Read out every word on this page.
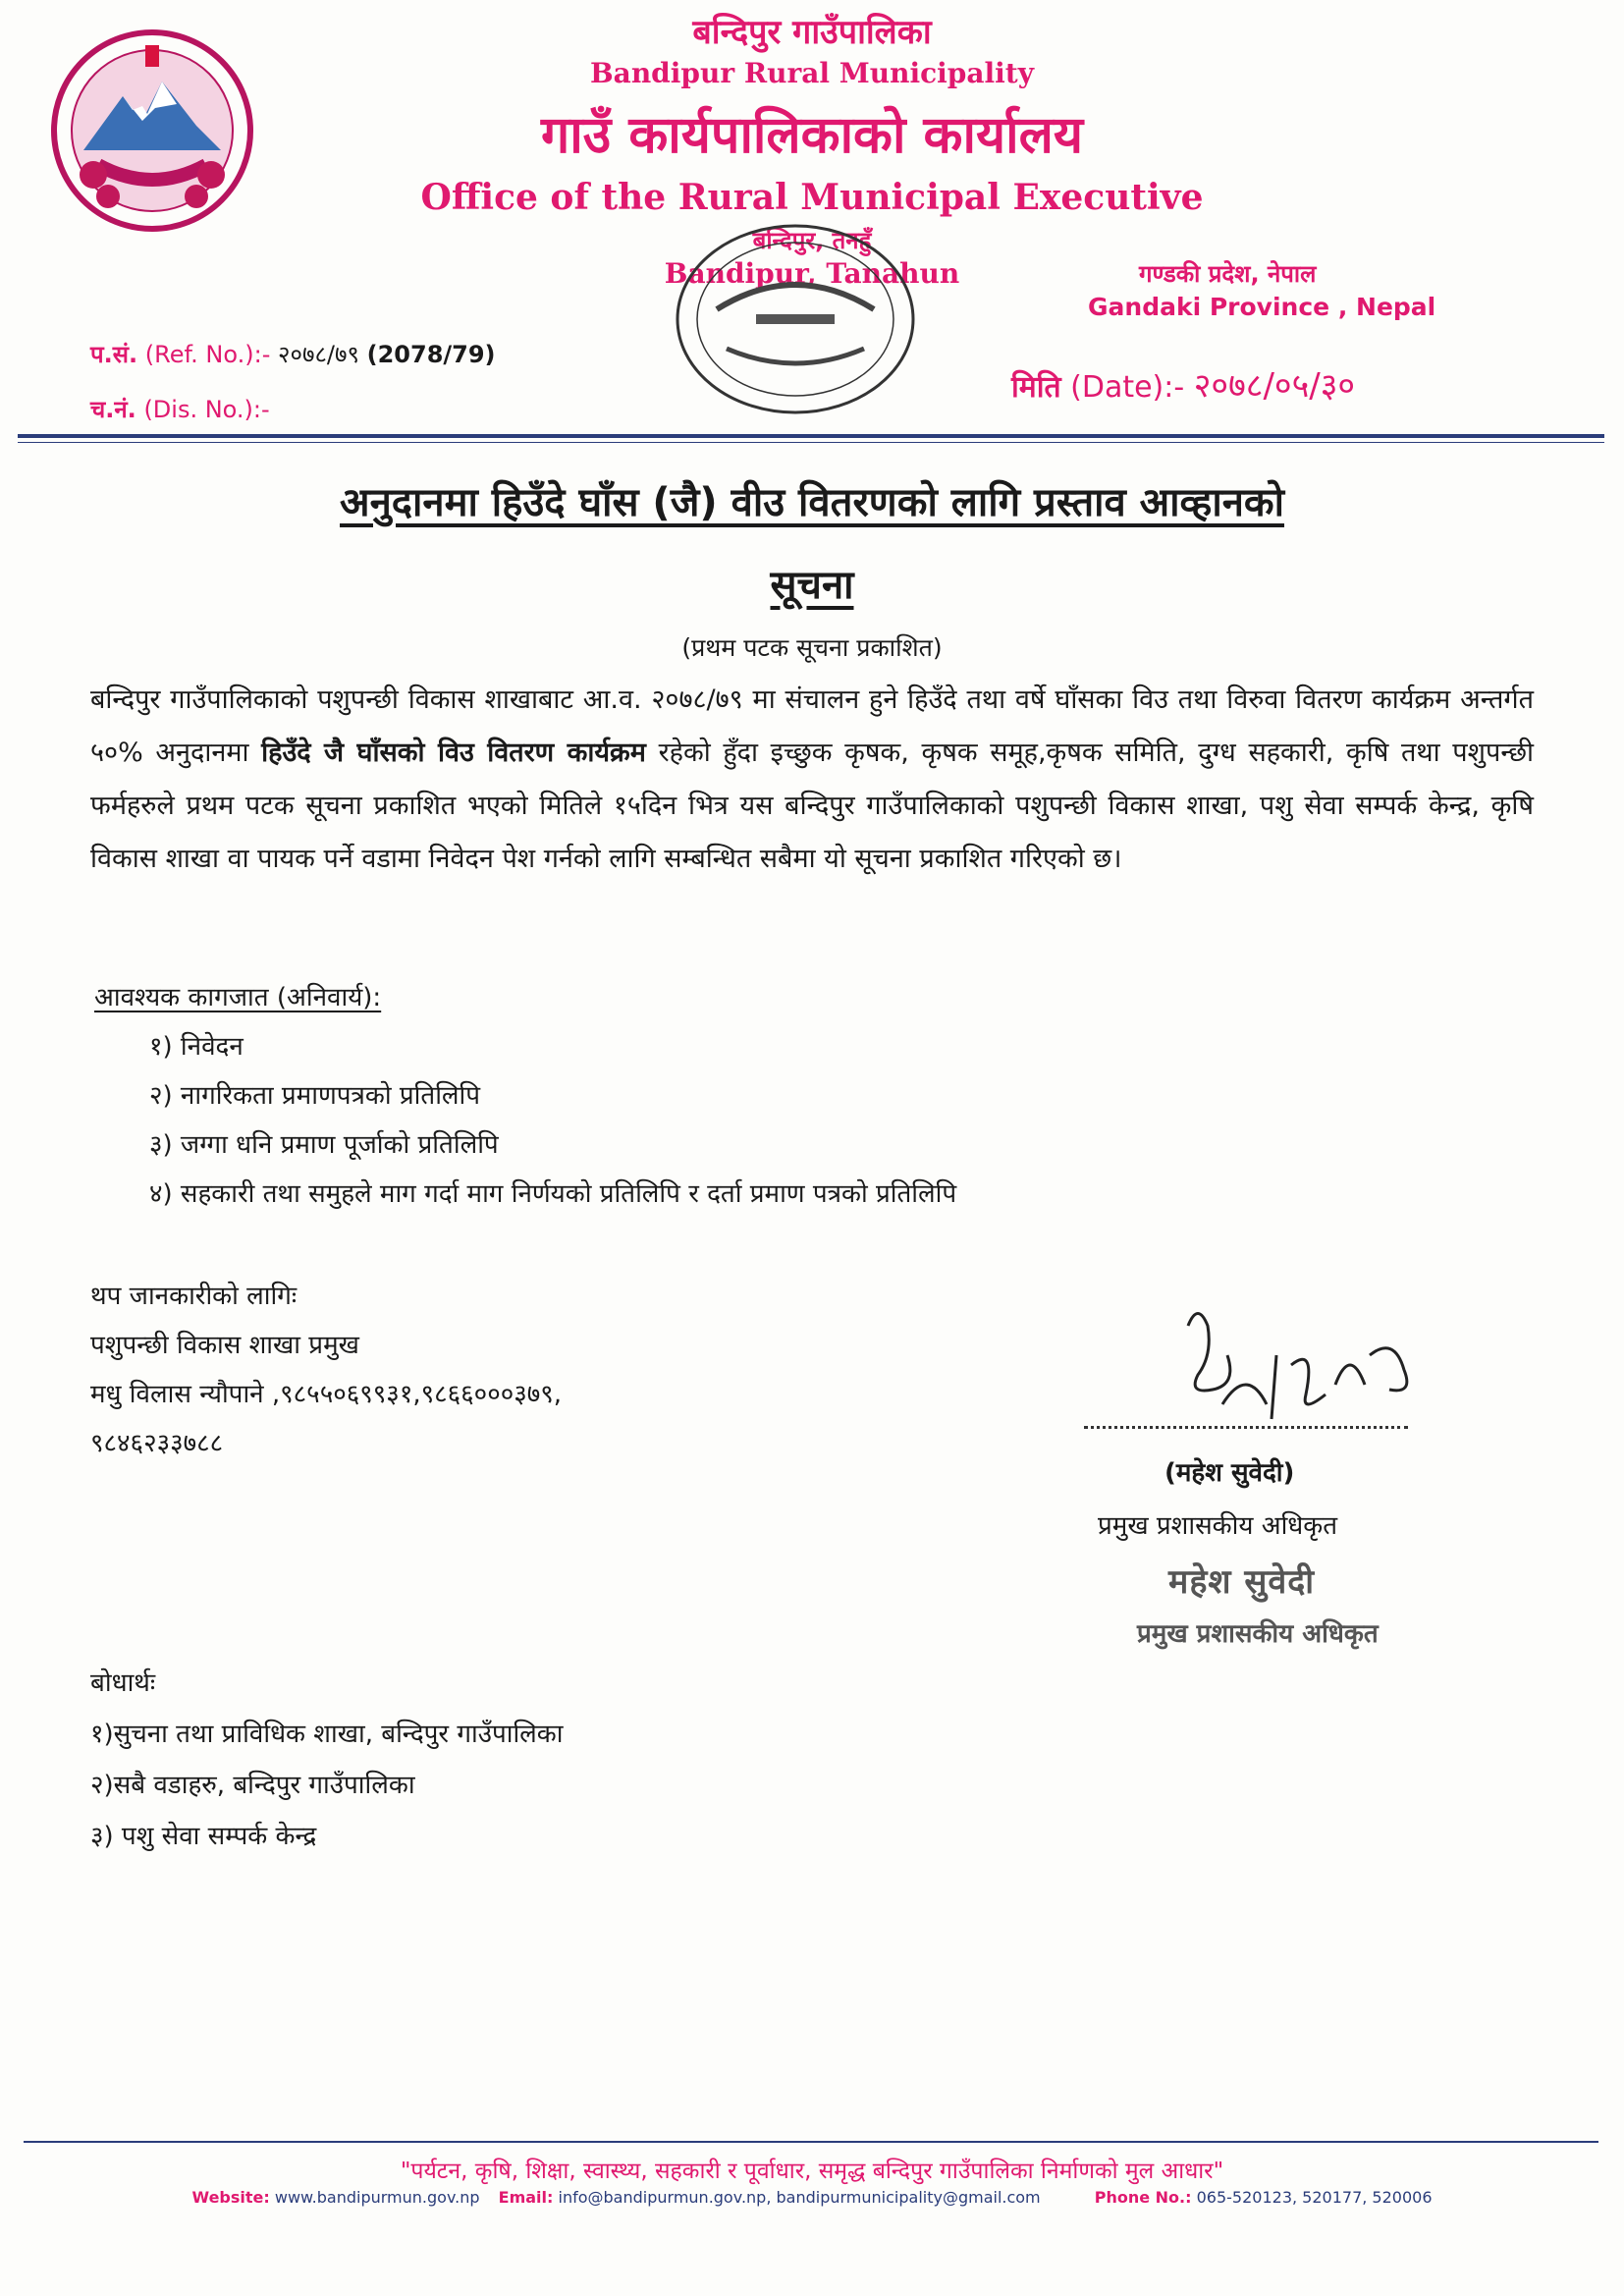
बन्दिपुर गाउँपालिका
Bandipur Rural Municipality
गाउँ कार्यपालिकाको कार्यालय
Office of the Rural Municipal Executive
बन्दिपुर, तनहुँ
Bandipur, Tanahun	गण्डकी प्रदेश, नेपाल
Gandaki Province , Nepal
प.सं. (Ref. No.):- २०७८/७९ (2078/79)
च.नं. (Dis. No.):-
मिति (Date):- २०७८/०५/३०
अनुदानमा हिउँदे घाँस (जै) वीउ वितरणको लागि प्रस्ताव आव्हानको
सूचना
(प्रथम पटक सूचना प्रकाशित)
बन्दिपुर गाउँपालिकाको पशुपन्छी विकास शाखाबाट आ.व. २०७८/७९ मा संचालन हुने हिउँदे तथा वर्षे घाँसका विउ तथा विरुवा वितरण कार्यक्रम अन्तर्गत ५०% अनुदानमा हिउँदे जै घाँसको विउ वितरण कार्यक्रम रहेको हुँदा इच्छुक कृषक, कृषक समूह,कृषक समिति, दुग्ध सहकारी, कृषि तथा पशुपन्छी फर्महरुले प्रथम पटक सूचना प्रकाशित भएको मितिले १५दिन भित्र यस बन्दिपुर गाउँपालिकाको पशुपन्छी विकास शाखा, पशु सेवा सम्पर्क केन्द्र, कृषि विकास शाखा वा पायक पर्ने वडामा निवेदन पेश गर्नको लागि सम्बन्धित सबैमा यो सूचना प्रकाशित गरिएको छ।
आवश्यक कागजात (अनिवार्य):
१) निवेदन
२) नागरिकता प्रमाणपत्रको प्रतिलिपि
३) जग्गा धनि प्रमाण पूर्जाको प्रतिलिपि
४) सहकारी तथा समुहले माग गर्दा माग निर्णयको प्रतिलिपि र दर्ता प्रमाण पत्रको प्रतिलिपि
थप जानकारीको लागिः
पशुपन्छी विकास शाखा प्रमुख
मधु विलास न्यौपाने ,९८५५०६९९३१,९८६६०००३७९,
९८४६२३३७८८
(महेश सुवेदी)
प्रमुख प्रशासकीय अधिकृत
महेश सुवेदी
प्रमुख प्रशासकीय अधिकृत
बोधार्थः
१)सुचना तथा प्राविधिक शाखा, बन्दिपुर गाउँपालिका
२)सबै वडाहरु, बन्दिपुर गाउँपालिका
३) पशु सेवा सम्पर्क केन्द्र
"पर्यटन, कृषि, शिक्षा, स्वास्थ्य, सहकारी र पूर्वाधार, समृद्ध बन्दिपुर गाउँपालिका निर्माणको मुल आधार"
Website: www.bandipurmun.gov.np Email: info@bandipurmun.gov.np, bandipurmunicipality@gmail.com	Phone No.: 065-520123, 520177, 520006
